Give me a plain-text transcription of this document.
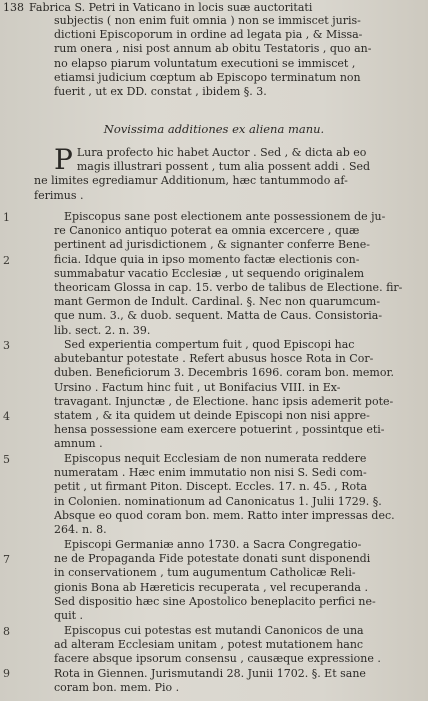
138 Fabrica S. Petri in Vaticano in locis suæ auctoritati
subjectis ( non enim fuit omnia ) non se immiscet juris-
dictioni Episcoporum in ordine ad legata pia , & Missa-
rum onera , nisi post annum ab obitu Testatoris , quo an-
no elapso piarum voluntatum executioni se immiscet ,
etiamsi judicium cœptum ab Episcopo terminatum non
fuerit , ut ex DD. constat , ibidem §. 3.
Novissima additiones ex aliena manu.
P Lura profecto hic habet Auctor . Sed , & dicta ab eo
magis illustrari possent , tum alia possent addi . Sed
ne limites egrediamur Additionum, hæc tantummodo af-
ferimus .
1
2
Episcopus sane post electionem ante possessionem de ju-
re Canonico antiquo poterat ea omnia excercere , quæ
pertinent ad jurisdictionem , & signanter conferre Bene-
ficia. Idque quia in ipso momento factæ electionis con-
summabatur vacatio Ecclesiæ , ut sequendo originalem
theoricam Glossa in cap. 15. verbo de talibus de Electione. fir-
mant Germon de Indult. Cardinal. §. Nec non quarumcum-
que num. 3., & duob. sequent. Matta de Caus. Consistoria-
lib. sect. 2. n. 39.
3
4
Sed experientia compertum fuit , quod Episcopi hac
abutebantur potestate . Refert abusus hosce Rota in Cor-
duben. Beneficiorum 3. Decembris 1696. coram bon. memor.
Ursino . Factum hinc fuit , ut Bonifacius VIII. in Ex-
travagant. Injunctæ , de Electione. hanc ipsis ademerit pote-
statem , & ita quidem ut deinde Episcopi non nisi appre-
hensa possessione eam exercere potuerint , possintque eti-
amnum .
5	Episcopus nequit Ecclesiam de non numerata reddere
numeratam . Hæc enim immutatio non nisi S. Sedi com-
petit , ut firmant Piton. Discept. Eccles. 17. n. 45. , Rota
in Colonien. nominationum ad Canonicatus 1. Julii 1729. §.
Absque eo quod coram bon. mem. Ratto inter impressas dec.
264. n. 8.
7
Episcopi Germaniæ anno 1730. a Sacra Congregatio-
ne de Propaganda Fide potestate donati sunt disponendi
in conservationem , tum augumentum Catholicæ Reli-
gionis Bona ab Hæreticis recuperata , vel recuperanda .
Sed dispositio hæc sine Apostolico beneplacito perfici ne-
quit .
8
9
Episcopus cui potestas est mutandi Canonicos de una
ad alteram Ecclesiam unitam , potest mutationem hanc
facere absque ipsorum consensu , causæque expressione .
Rota in Giennen. Jurismutandi 28. Junii 1702. §. Et sane
coram bon. mem. Pio .
